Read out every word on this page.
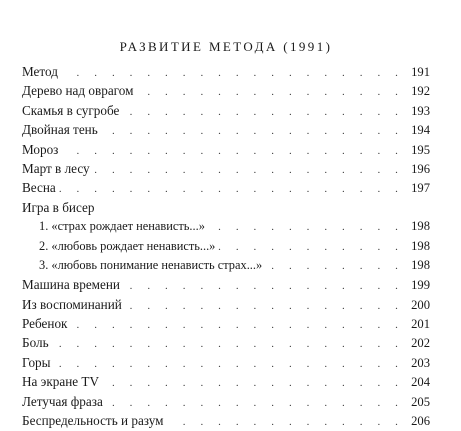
РАЗВИТИЕ МЕТОДА (1991)
Метод . . .	191
Дерево над оврагом . . .	192
Скамья в сугробе . . .	193
Двойная тень . . .	194
Мороз . . .	195
Март в лесу . . .	196
Весна . . .	197
Игра в бисер
1. «страх рождает ненависть...» . . .	198
2. «любовь рождает ненависть...» . . .	198
3. «любовь понимание ненависть страх...» . . .	198
Машина времени . . .	199
Из воспоминаний . . .	200
Ребенок . . .	201
Боль . . .	202
Горы . . .	203
На экране TV . . .	204
Летучая фраза . . .	205
Беспредельность и разум . . .	206
